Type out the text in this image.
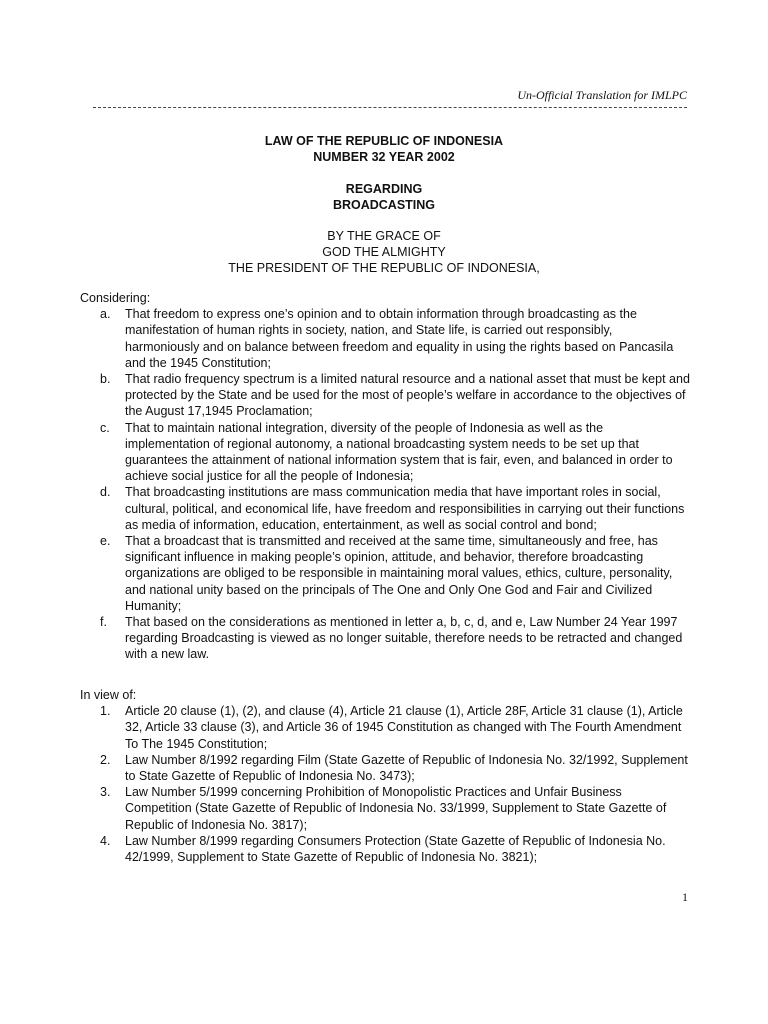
Un-Official Translation for IMLPC
LAW OF THE REPUBLIC OF INDONESIA
NUMBER 32 YEAR 2002
REGARDING
BROADCASTING
BY THE GRACE OF
GOD THE ALMIGHTY
THE PRESIDENT OF THE REPUBLIC OF INDONESIA,

Considering:

a.	That freedom to express one’s opinion and to obtain information through broadcasting as the manifestation of human rights in society, nation, and State life, is carried out responsibly, harmoniously and on balance between freedom and equality in using the rights based on Pancasila and the 1945 Constitution;
b.	That radio frequency spectrum is a limited natural resource and a national asset that must be kept and protected by the State and be used for the most of people’s welfare in accordance to the objectives of the August 17,1945 Proclamation;
c.	That to maintain national integration, diversity of the people of Indonesia as well as the implementation of regional autonomy, a national broadcasting system needs to be set up that guarantees the attainment of national information system that is fair, even, and balanced in order to achieve social justice for all the people of Indonesia;
d.	That broadcasting institutions are mass communication media that have important roles in social, cultural, political, and economical life, have freedom and responsibilities in carrying out their functions as media of information, education, entertainment, as well as social control and bond;
e.	That a broadcast that is transmitted and received at the same time, simultaneously and free, has significant influence in making people’s opinion, attitude, and behavior, therefore broadcasting organizations are obliged to be responsible in maintaining moral values, ethics, culture, personality, and national unity based on the principals of The One and Only One God and Fair and Civilized Humanity;
f.	That based on the considerations as mentioned in letter a, b, c, d, and e, Law Number 24 Year 1997 regarding Broadcasting is viewed as no longer suitable, therefore needs to be retracted and changed with a new law.

In view of:

1.	Article 20 clause (1), (2), and clause (4), Article 21 clause (1), Article 28F, Article 31 clause (1), Article 32, Article 33 clause (3), and Article 36 of 1945 Constitution as changed with The Fourth Amendment To The 1945 Constitution;
2.	Law Number 8/1992 regarding Film (State Gazette of Republic of Indonesia No. 32/1992, Supplement to State Gazette of Republic of Indonesia No. 3473);
3.	Law Number 5/1999 concerning Prohibition of Monopolistic Practices and Unfair Business Competition (State Gazette of Republic of Indonesia No. 33/1999, Supplement to State Gazette of Republic of Indonesia No. 3817);
4.	Law Number 8/1999 regarding Consumers Protection (State Gazette of Republic of Indonesia No. 42/1999, Supplement to State Gazette of Republic of Indonesia No. 3821);
1
